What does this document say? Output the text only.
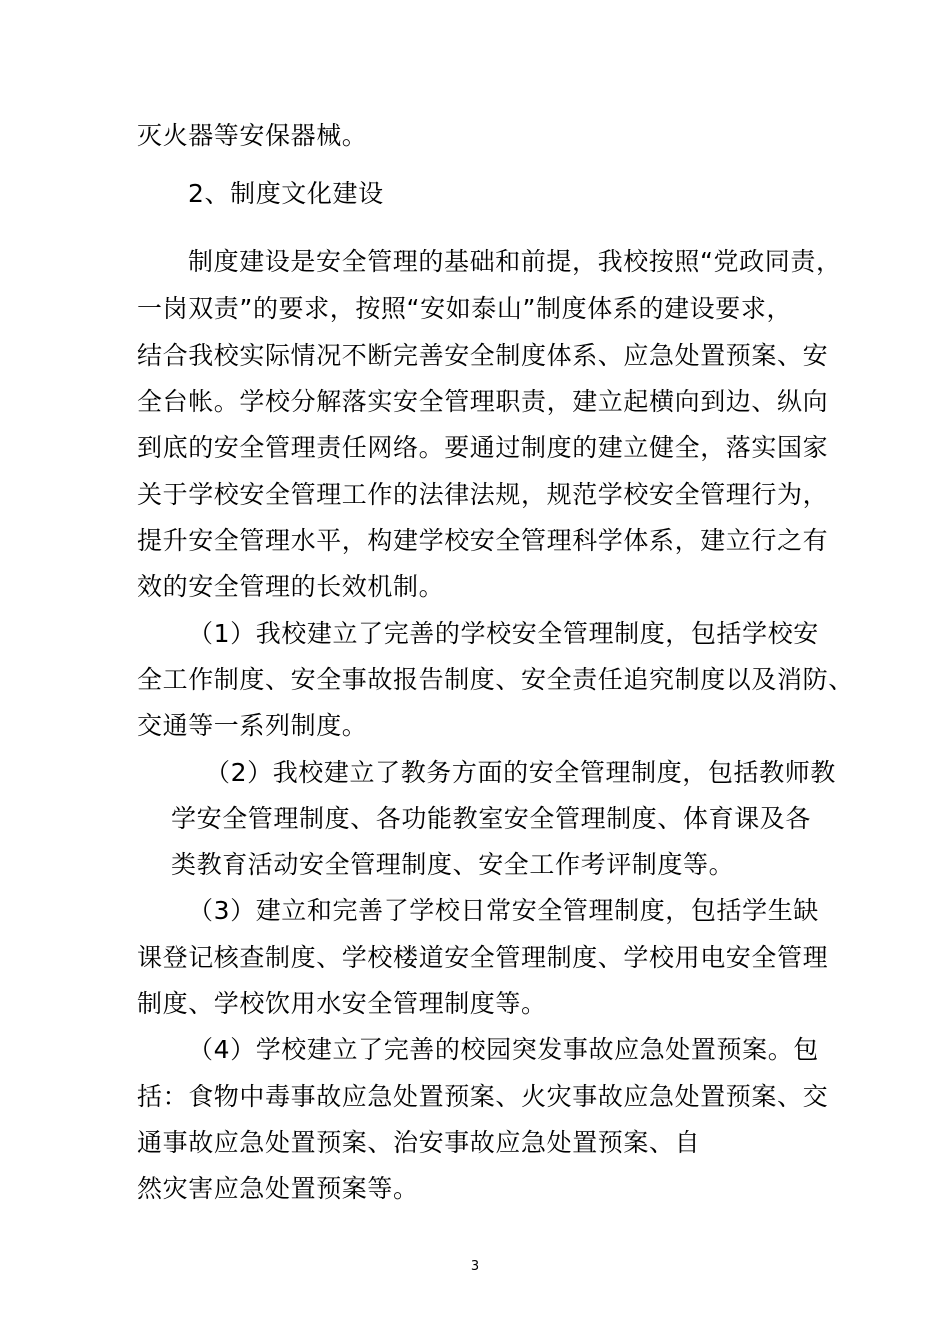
灭火器等安保器械。
2、制度文化建设
制度建设是安全管理的基础和前提，我校按照“党政同责，
一岗双责”的要求，按照“安如泰山”制度体系的建设要求，
结合我校实际情况不断完善安全制度体系、应急处置预案、安
全台帐。学校分解落实安全管理职责，建立起横向到边、纵向
到底的安全管理责任网络。要通过制度的建立健全，落实国家
关于学校安全管理工作的法律法规，规范学校安全管理行为，
提升安全管理水平，构建学校安全管理科学体系，建立行之有
效的安全管理的长效机制。
（1）我校建立了完善的学校安全管理制度，包括学校安
全工作制度、安全事故报告制度、安全责任追究制度以及消防、
交通等一系列制度。
（2）我校建立了教务方面的安全管理制度，包括教师教
学安全管理制度、各功能教室安全管理制度、体育课及各
类教育活动安全管理制度、安全工作考评制度等。
（3）建立和完善了学校日常安全管理制度，包括学生缺
课登记核查制度、学校楼道安全管理制度、学校用电安全管理
制度、学校饮用水安全管理制度等。
（4）学校建立了完善的校园突发事故应急处置预案。包
括：食物中毒事故应急处置预案、火灾事故应急处置预案、交
通事故应急处置预案、治安事故应急处置预案、自
然灾害应急处置预案等。
3
